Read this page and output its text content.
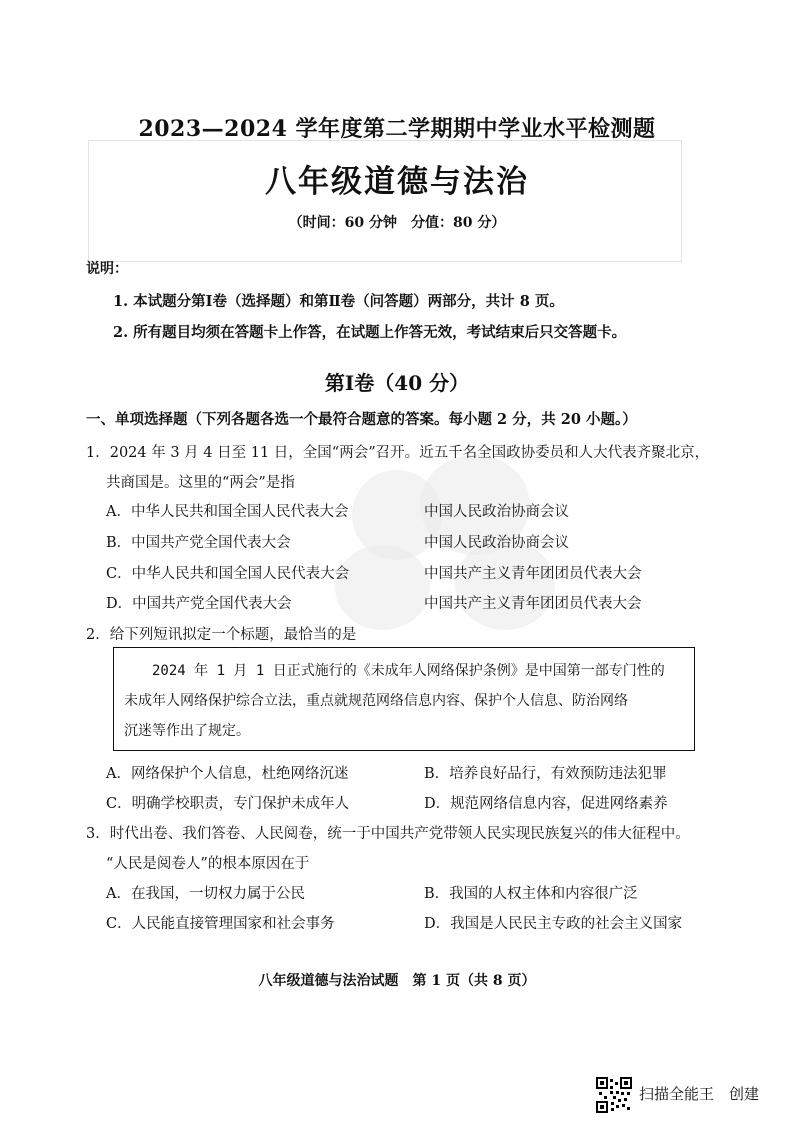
2023—2024 学年度第二学期期中学业水平检测题
八年级道德与法治
（时间：60 分钟　分值：80 分）
说明：
1. 本试题分第Ⅰ卷（选择题）和第Ⅱ卷（问答题）两部分，共计 8 页。
2. 所有题目均须在答题卡上作答，在试题上作答无效，考试结束后只交答题卡。
第Ⅰ卷（40 分）
一、单项选择题（下列各题各选一个最符合题意的答案。每小题 2 分，共 20 小题。）
1．2024 年 3 月 4 日至 11 日，全国“两会”召开。近五千名全国政协委员和人大代表齐聚北京，
共商国是。这里的“两会”是指
A．中华人民共和国全国人民代表大会	中国人民政治协商会议
B．中国共产党全国代表大会	中国人民政治协商会议
C．中华人民共和国全国人民代表大会	中国共产主义青年团团员代表大会
D．中国共产党全国代表大会	中国共产主义青年团团员代表大会
2．给下列短讯拟定一个标题，最恰当的是
　　2024 年 1 月 1 日正式施行的《未成年人网络保护条例》是中国第一部专门性的
未成年人网络保护综合立法，重点就规范网络信息内容、保护个人信息、防治网络
沉迷等作出了规定。
A．网络保护个人信息，杜绝网络沉迷	B．培养良好品行，有效预防违法犯罪
C．明确学校职责，专门保护未成年人	D．规范网络信息内容，促进网络素养
3．时代出卷、我们答卷、人民阅卷，统一于中国共产党带领人民实现民族复兴的伟大征程中。
“人民是阅卷人”的根本原因在于
A．在我国，一切权力属于公民	B．我国的人权主体和内容很广泛
C．人民能直接管理国家和社会事务	D．我国是人民民主专政的社会主义国家
八年级道德与法治试题　第 1 页（共 8 页）
扫描全能王　创建
